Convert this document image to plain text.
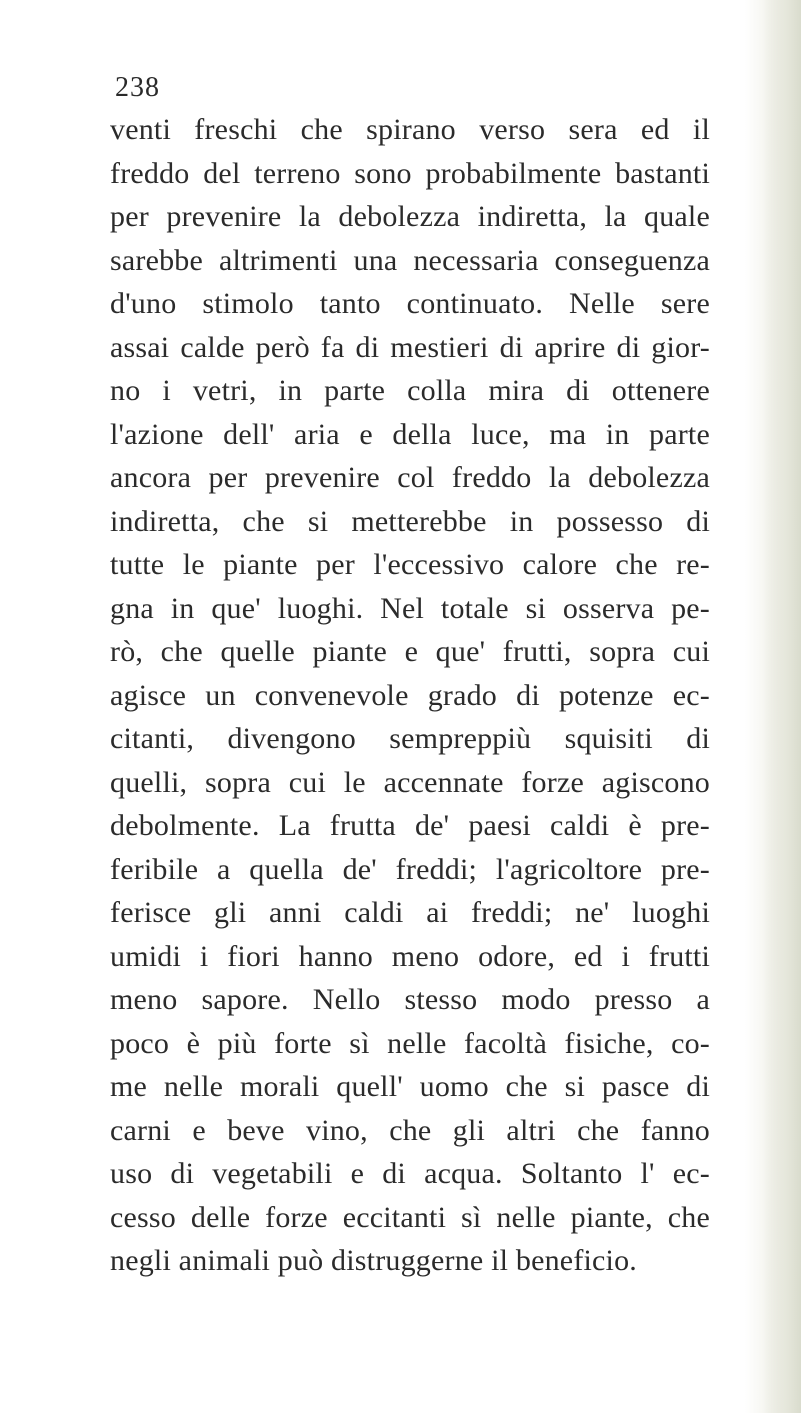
238
venti freschi che spirano verso sera ed il
freddo del terreno sono probabilmente bastanti
per prevenire la debolezza indiretta, la quale
sarebbe altrimenti una necessaria conseguenza
d'uno stimolo tanto continuato. Nelle sere
assai calde però fa di mestieri di aprire di gior-
no i vetri, in parte colla mira di ottenere
l'azione dell' aria e della luce, ma in parte
ancora per prevenire col freddo la debolezza
indiretta, che si metterebbe in possesso di
tutte le piante per l'eccessivo calore che re-
gna in que' luoghi. Nel totale si osserva pe-
rò, che quelle piante e que' frutti, sopra cui
agisce un convenevole grado di potenze ec-
citanti, divengono sempreppiù squisiti di
quelli, sopra cui le accennate forze agiscono
debolmente. La frutta de' paesi caldi è pre-
feribile a quella de' freddi; l'agricoltore pre-
ferisce gli anni caldi ai freddi; ne' luoghi
umidi i fiori hanno meno odore, ed i frutti
meno sapore. Nello stesso modo presso a
poco è più forte sì nelle facoltà fisiche, co-
me nelle morali quell' uomo che si pasce di
carni e beve vino, che gli altri che fanno
uso di vegetabili e di acqua. Soltanto l' ec-
cesso delle forze eccitanti sì nelle piante, che
negli animali può distruggerne il beneficio.
